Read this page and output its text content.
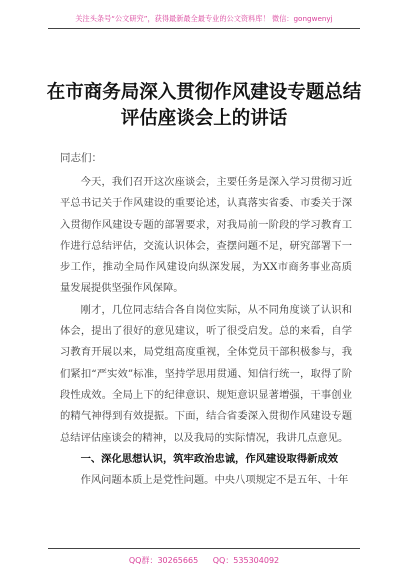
关注头条号“公文研究”，获得最新最全最专业的公文资料库！ 微信：gongwenyj
在市商务局深入贯彻作风建设专题总结评估座谈会上的讲话
同志们：

今天，我们召开这次座谈会，主要任务是深入学习贯彻习近平总书记关于作风建设的重要论述，认真落实省委、市委关于深入贯彻作风建设专题的部署要求，对我局前一阶段的学习教育工作进行总结评估，交流认识体会，查摆问题不足，研究部署下一步工作，推动全局作风建设向纵深发展，为XX市商务事业高质量发展提供坚强作风保障。

刚才，几位同志结合各自岗位实际，从不同角度谈了认识和体会，提出了很好的意见建议，听了很受启发。总的来看，自学习教育开展以来，局党组高度重视，全体党员干部积极参与，我们紧扣“严实效”标准，坚持学思用贯通、知信行统一，取得了阶段性成效。全局上下的纪律意识、规矩意识显著增强，干事创业的精气神得到有效提振。下面，结合省委深入贯彻作风建设专题总结评估座谈会的精神，以及我局的实际情况，我讲几点意见。

一、深化思想认识，筑牢政治忠诚，作风建设取得新成效

作风问题本质上是党性问题。中央八项规定不是五年、十年

QQ群：30265665 QQ：535304092
